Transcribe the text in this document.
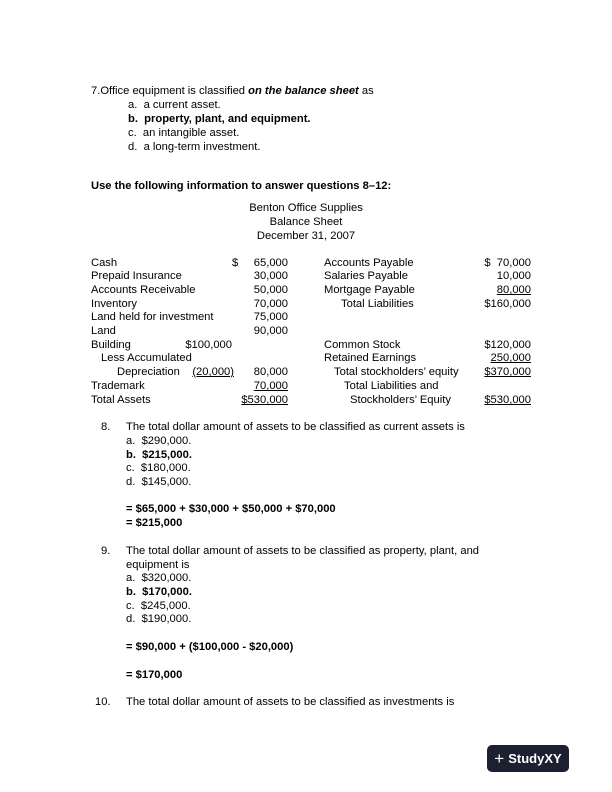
7.Office equipment is classified on the balance sheet as
a. a current asset.
b. property, plant, and equipment.
c. an intangible asset.
d. a long-term investment.
Use the following information to answer questions 8–12:
Benton Office Supplies
Balance Sheet
December 31, 2007
Cash	$	65,000
Prepaid Insurance	30,000
Accounts Receivable	50,000
Inventory	70,000
Land held for investment	75,000
Land	90,000
Building	$100,000
Less Accumulated
Depreciation	(20,000)	80,000
Trademark	70,000
Total Assets	$530,000
Accounts Payable	$  70,000
Salaries Payable	10,000
Mortgage Payable	80,000
Total Liabilities	$160,000
Common Stock	$120,000
Retained Earnings	250,000
Total stockholders’ equity	$370,000
Total Liabilities and
Stockholders’ Equity	$530,000
8. The total dollar amount of assets to be classified as current assets is
a. $290,000.
b. $215,000.
c. $180,000.
d. $145,000.
= $65,000 + $30,000 + $50,000 + $70,000
= $215,000
9. The total dollar amount of assets to be classified as property, plant, and
equipment is
a. $320,000.
b. $170,000.
c. $245,000.
d. $190,000.
= $90,000 + ($100,000 - $20,000)
= $170,000
10. The total dollar amount of assets to be classified as investments is
+ StudyXY
